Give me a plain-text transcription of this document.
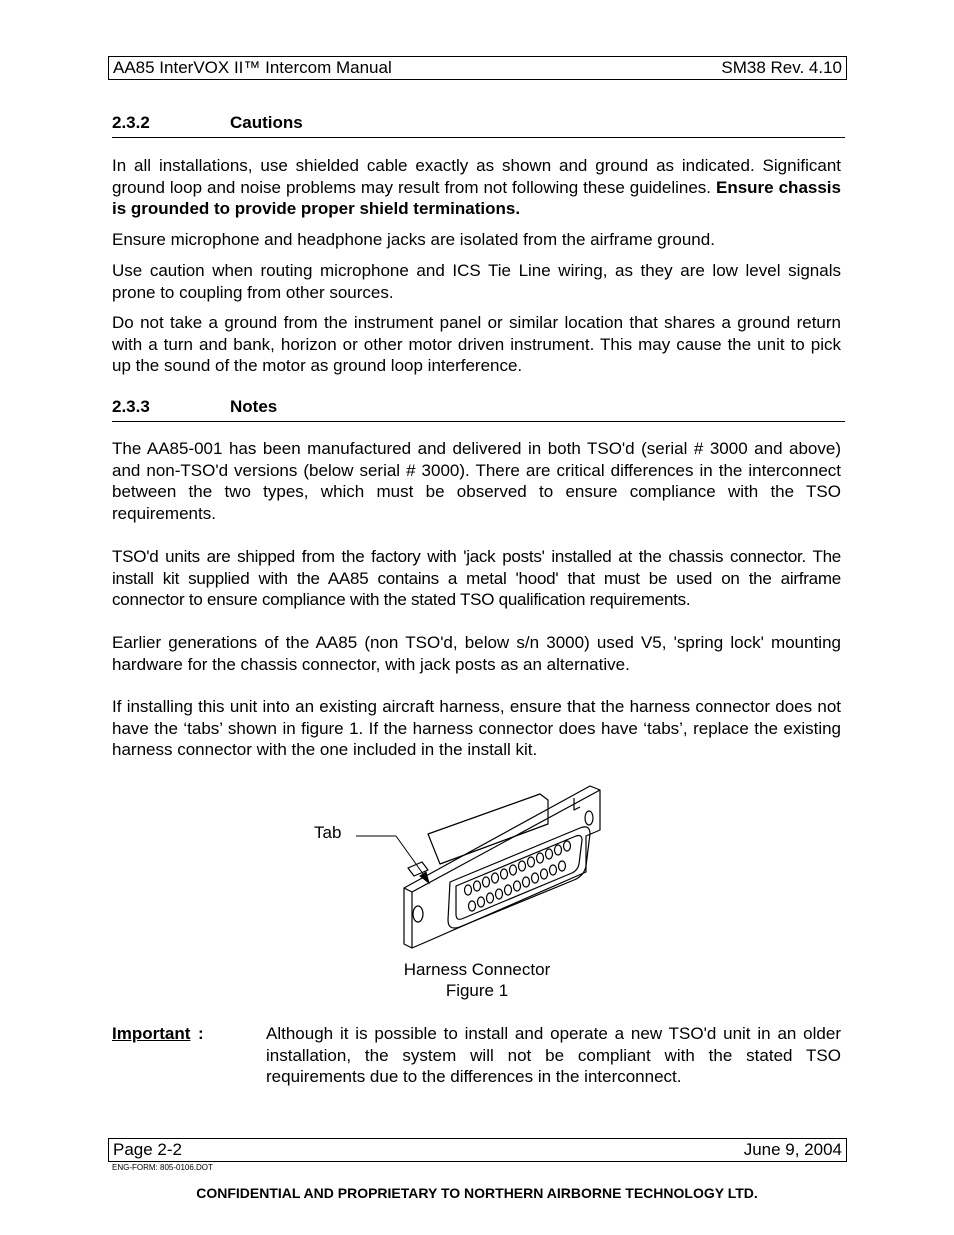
AA85 InterVOX II™ Intercom Manual	SM38 Rev. 4.10
2.3.2	Cautions

In all installations, use shielded cable exactly as shown and ground as indicated. Significant ground loop and noise problems may result from not following these guidelines. Ensure chassis is grounded to provide proper shield terminations.

Ensure microphone and headphone jacks are isolated from the airframe ground.

Use caution when routing microphone and ICS Tie Line wiring, as they are low level signals prone to coupling from other sources.

Do not take a ground from the instrument panel or similar location that shares a ground return with a turn and bank, horizon or other motor driven instrument. This may cause the unit to pick up the sound of the motor as ground loop interference.

2.3.3	Notes

The AA85-001 has been manufactured and delivered in both TSO'd (serial # 3000 and above) and non-TSO'd versions (below serial # 3000). There are critical differences in the interconnect between the two types, which must be observed to ensure compliance with the TSO requirements.

TSO'd units are shipped from the factory with 'jack posts' installed at the chassis connector. The install kit supplied with the AA85 contains a metal 'hood' that must be used on the airframe connector to ensure compliance with the stated TSO qualification requirements.

Earlier generations of the AA85 (non TSO'd, below s/n 3000) used V5, 'spring lock' mounting hardware for the chassis connector, with jack posts as an alternative.

If installing this unit into an existing aircraft harness, ensure that the harness connector does not have the ‘tabs’ shown in figure 1. If the harness connector does have ‘tabs’, replace the existing harness connector with the one included in the install kit.

Tab
Harness Connector
Figure 1
Important :	Although it is possible to install and operate a new TSO'd unit in an older installation, the system will not be compliant with the stated TSO requirements due to the differences in the interconnect.

Page 2-2	June 9, 2004
ENG-FORM: 805-0106.DOT
CONFIDENTIAL AND PROPRIETARY TO NORTHERN AIRBORNE TECHNOLOGY LTD.
